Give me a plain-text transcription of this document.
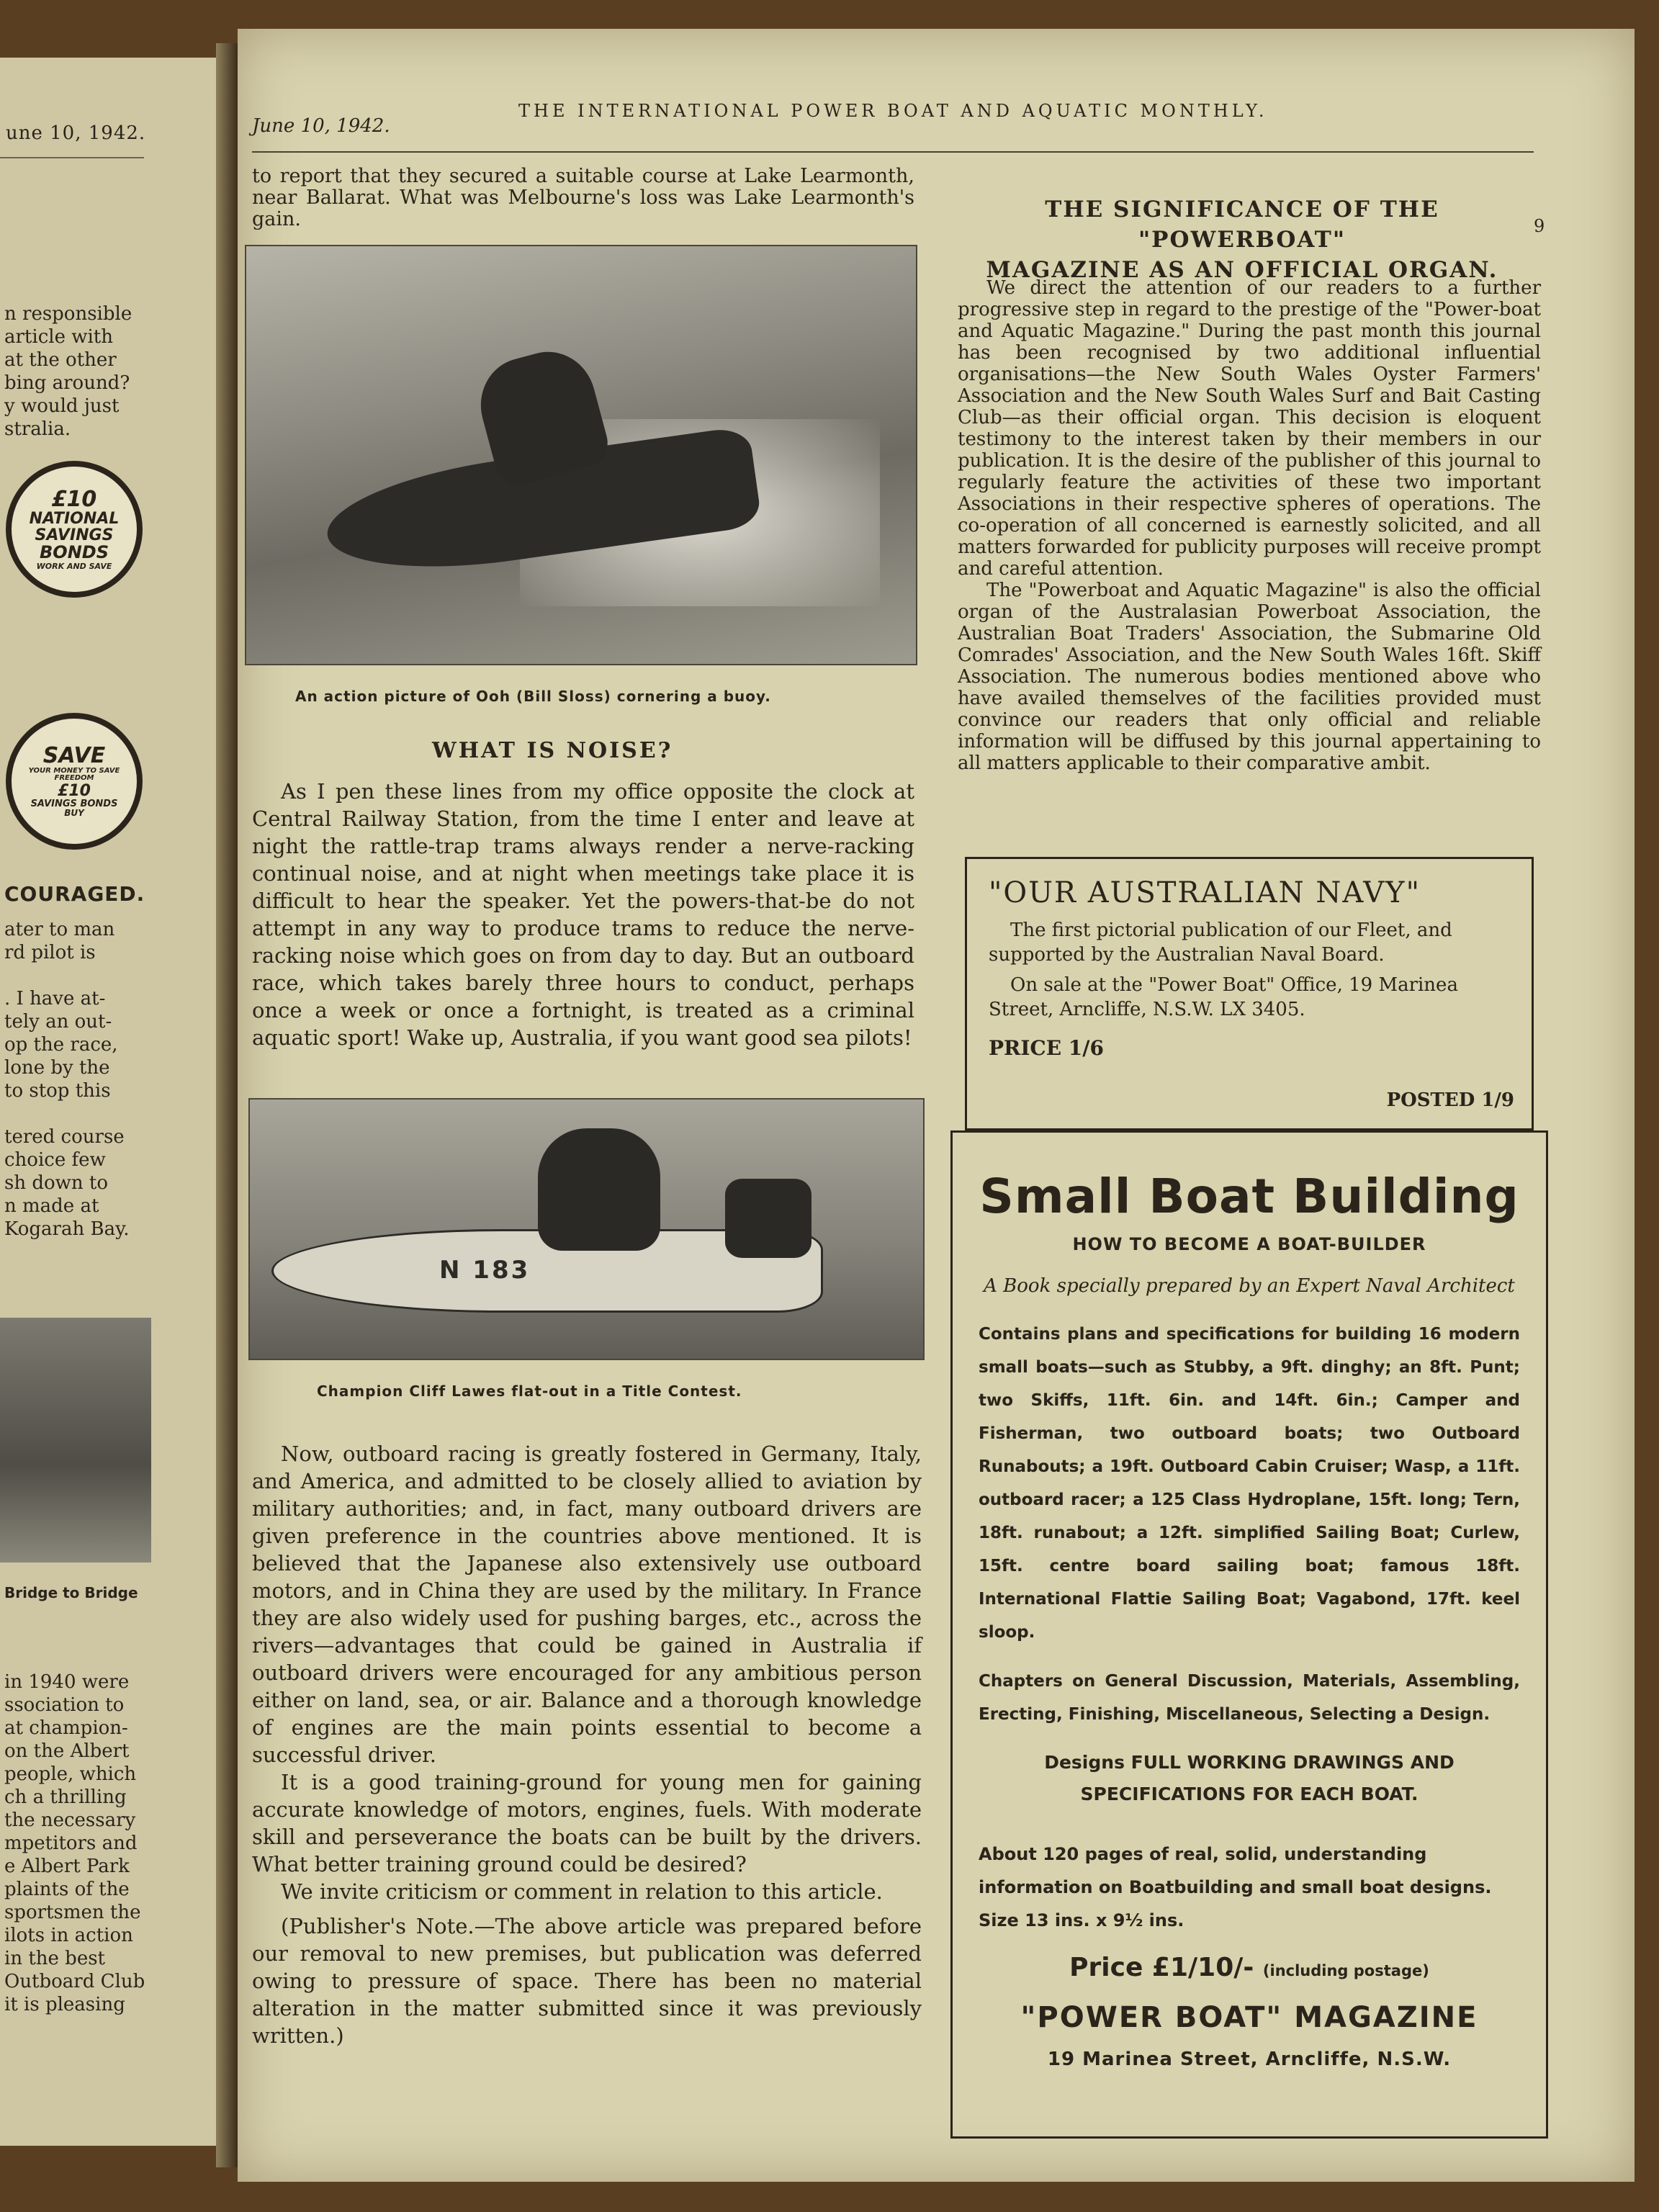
une 10, 1942.
n responsible
article with
at the other
bing around?
y would just
stralia.
£10
NATIONAL
SAVINGS
BONDS
WORK AND SAVE
SAVE
YOUR MONEY TO SAVE FREEDOM
£10
SAVINGS BONDS
BUY
COURAGED.
ater to man
rd pilot is
. I have at-
tely an out-
op the race,
lone by the
to stop this
tered course
choice few
sh down to
n made at
Kogarah Bay.
Bridge to Bridge
in 1940 were
ssociation to
at champion-
on the Albert
people, which
ch a thrilling
the necessary
mpetitors and
e Albert Park
plaints of the
sportsmen the
ilots in action
in the best
Outboard Club
it is pleasing
June 10, 1942.
THE INTERNATIONAL POWER BOAT AND AQUATIC MONTHLY.
9

to report that they secured a suitable course at Lake Learmonth, near Ballarat. What was Melbourne's loss was Lake Learmonth's gain.

An action picture of Ooh (Bill Sloss) cornering a buoy.
WHAT IS NOISE?

As I pen these lines from my office opposite the clock at Central Railway Station, from the time I enter and leave at night the rattle-trap trams always render a nerve-racking continual noise, and at night when meetings take place it is difficult to hear the speaker. Yet the powers-that-be do not attempt in any way to produce trams to reduce the nerve-racking noise which goes on from day to day. But an outboard race, which takes barely three hours to conduct, perhaps once a week or once a fortnight, is treated as a criminal aquatic sport! Wake up, Australia, if you want good sea pilots!

N 183
Champion Cliff Lawes flat-out in a Title Contest.

Now, outboard racing is greatly fostered in Germany, Italy, and America, and admitted to be closely allied to aviation by military authorities; and, in fact, many outboard drivers are given preference in the countries above mentioned. It is believed that the Japanese also extensively use outboard motors, and in China they are used by the military. In France they are also widely used for pushing barges, etc., across the rivers—advantages that could be gained in Australia if outboard drivers were encouraged for any ambitious person either on land, sea, or air. Balance and a thorough knowledge of engines are the main points essential to become a successful driver.

It is a good training-ground for young men for gaining accurate knowledge of motors, engines, fuels. With moderate skill and perseverance the boats can be built by the drivers. What better training ground could be desired?

We invite criticism or comment in relation to this article.

(Publisher's Note.—The above article was prepared before our removal to new premises, but publication was deferred owing to pressure of space. There has been no material alteration in the matter submitted since it was previously written.)

THE SIGNIFICANCE OF THE "POWERBOAT"
MAGAZINE AS AN OFFICIAL ORGAN.

We direct the attention of our readers to a further progressive step in regard to the prestige of the "Power-boat and Aquatic Magazine." During the past month this journal has been recognised by two additional influential organisations—the New South Wales Oyster Farmers' Association and the New South Wales Surf and Bait Casting Club—as their official organ. This decision is eloquent testimony to the interest taken by their members in our publication. It is the desire of the publisher of this journal to regularly feature the activities of these two important Associations in their respective spheres of operations. The co-operation of all concerned is earnestly solicited, and all matters forwarded for publicity purposes will receive prompt and careful attention.

The "Powerboat and Aquatic Magazine" is also the official organ of the Australasian Powerboat Association, the Australian Boat Traders' Association, the Submarine Old Comrades' Association, and the New South Wales 16ft. Skiff Association. The numerous bodies mentioned above who have availed themselves of the facilities provided must convince our readers that only official and reliable information will be diffused by this journal appertaining to all matters applicable to their comparative ambit.

"OUR AUSTRALIAN NAVY"

The first pictorial publication of our Fleet, and supported by the Australian Naval Board.

On sale at the "Power Boat" Office, 19 Marinea Street, Arncliffe, N.S.W. LX 3405.

PRICE 1/6
POSTED 1/9
Small Boat Building
HOW TO BECOME A BOAT-BUILDER
A Book specially prepared by an Expert Naval Architect

Contains plans and specifications for building 16 modern small boats—such as Stubby, a 9ft. dinghy; an 8ft. Punt; two Skiffs, 11ft. 6in. and 14ft. 6in.; Camper and Fisherman, two outboard boats; two Outboard Runabouts; a 19ft. Outboard Cabin Cruiser; Wasp, a 11ft. outboard racer; a 125 Class Hydroplane, 15ft. long; Tern, 18ft. runabout; a 12ft. simplified Sailing Boat; Curlew, 15ft. centre board sailing boat; famous 18ft. International Flattie Sailing Boat; Vagabond, 17ft. keel sloop.

Chapters on General Discussion, Materials, Assembling, Erecting, Finishing, Miscellaneous, Selecting a Design.

Designs FULL WORKING DRAWINGS AND SPECIFICATIONS FOR EACH BOAT.
About 120 pages of real, solid, understanding information on Boatbuilding and small boat designs. Size 13 ins. x 9½ ins.
Price £1/10/- (including postage)
"POWER BOAT" MAGAZINE
19 Marinea Street, Arncliffe, N.S.W.
